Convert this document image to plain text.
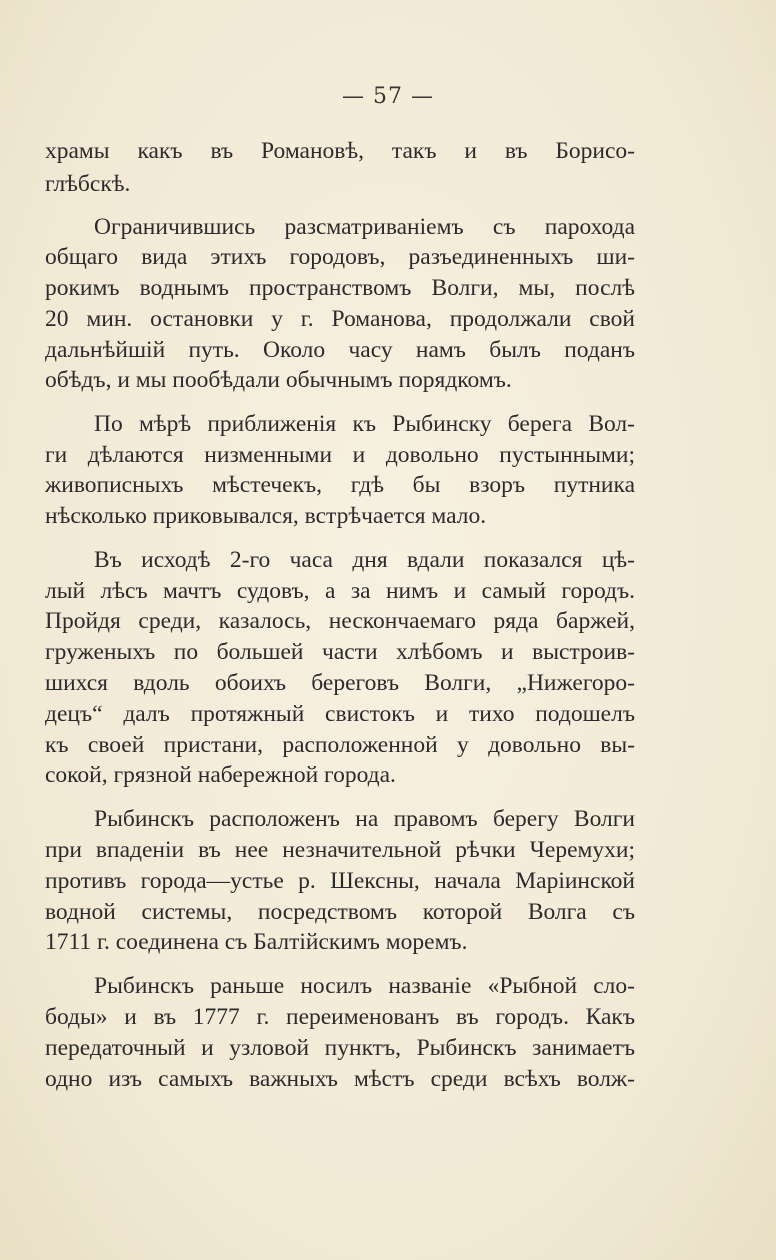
— 57 —
храмы какъ въ Романовѣ, такъ и въ Борисо-
глѣбскѣ.
Ограничившись разсматриваніемъ съ парохода
общаго вида этихъ городовъ, разъединенныхъ ши-
рокимъ воднымъ пространствомъ Волги, мы, послѣ
20 мин. остановки у г. Романова, продолжали свой
дальнѣйшій путь. Около часу намъ былъ поданъ
обѣдъ, и мы пообѣдали обычнымъ порядкомъ.
По мѣрѣ приближенія къ Рыбинску берега Вол-
ги дѣлаются низменными и довольно пустынными;
живописныхъ мѣстечекъ, гдѣ бы взоръ путника
нѣсколько приковывался, встрѣчается мало.
Въ исходѣ 2-го часа дня вдали показался цѣ-
лый лѣсъ мачтъ судовъ, а за нимъ и самый городъ.
Пройдя среди, казалось, нескончаемаго ряда баржей,
груженыхъ по большей части хлѣбомъ и выстроив-
шихся вдоль обоихъ береговъ Волги, „Нижегоро-
децъ“ далъ протяжный свистокъ и тихо подошелъ
къ своей пристани, расположенной у довольно вы-
сокой, грязной набережной города.
Рыбинскъ расположенъ на правомъ берегу Волги
при впаденіи въ нее незначительной рѣчки Черемухи;
противъ города—устье р. Шексны, начала Маріинской
водной системы, посредствомъ которой Волга съ
1711 г. соединена съ Балтійскимъ моремъ.
Рыбинскъ раньше носилъ названіе «Рыбной сло-
боды» и въ 1777 г. переименованъ въ городъ. Какъ
передаточный и узловой пунктъ, Рыбинскъ занимаетъ
одно изъ самыхъ важныхъ мѣстъ среди всѣхъ волж-
